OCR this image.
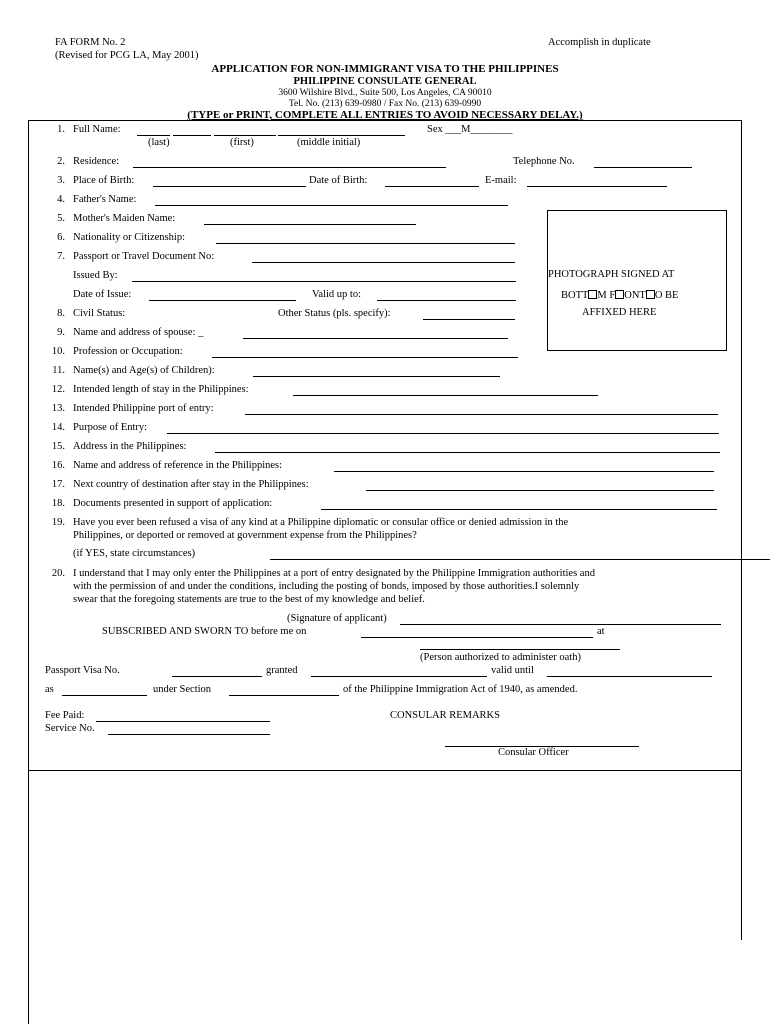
FA FORM No. 2
(Revised for PCG LA, May 2001)
Accomplish in duplicate
APPLICATION FOR NON-IMMIGRANT VISA TO THE PHILIPPINES
PHILIPPINE CONSULATE GENERAL
3600 Wilshire Blvd., Suite 500, Los Angeles, CA 90010
Tel. No. (213) 639-0980 / Fax No. (213) 639-0990
(TYPE or PRINT, COMPLETE ALL ENTRIES TO AVOID NECESSARY DELAY.)
PHOTOGRAPH SIGNED AT
BOTT M F ONT O BE
AFFIXED HERE
1. Full Name:	Sex ___M________
(last)	(first)	(middle initial)
2. Residence:	Telephone No.
3. Place of Birth:	Date of Birth:	E-mail:
4. Father's Name:
5. Mother's Maiden Name:
6. Nationality or Citizenship:
7. Passport or Travel Document No:
Issued By:
Date of Issue:	Valid up to:
8. Civil Status:	Other Status (pls. specify):
9. Name and address of spouse: _
10. Profession or Occupation:
11. Name(s) and Age(s) of Children):
12. Intended length of stay in the Philippines:
13. Intended Philippine port of entry:
14. Purpose of Entry:
15. Address in the Philippines:
16. Name and address of reference in the Philippines:
17. Next country of destination after stay in the Philippines:
18. Documents presented in support of application:
19. Have you ever been refused a visa of any kind at a Philippine diplomatic or consular office or denied admission in the
Philippines, or deported or removed at government expense from the Philippines?
(if YES, state circumstances)
20. I understand that I may only enter the Philippines at a port of entry designated by the Philippine Immigration authorities and
with the permission of and under the conditions, including the posting of bonds, imposed by those authorities.I solemnly
swear that the foregoing statements are true to the best of my knowledge and belief.
(Signature of applicant)
SUBSCRIBED AND SWORN TO before me on	at
(Person authorized to administer oath)
Passport Visa No.	granted	valid until
as	under Section	of the Philippine Immigration Act of 1940, as amended.
Fee Paid:
Service No.
CONSULAR REMARKS
Consular Officer
